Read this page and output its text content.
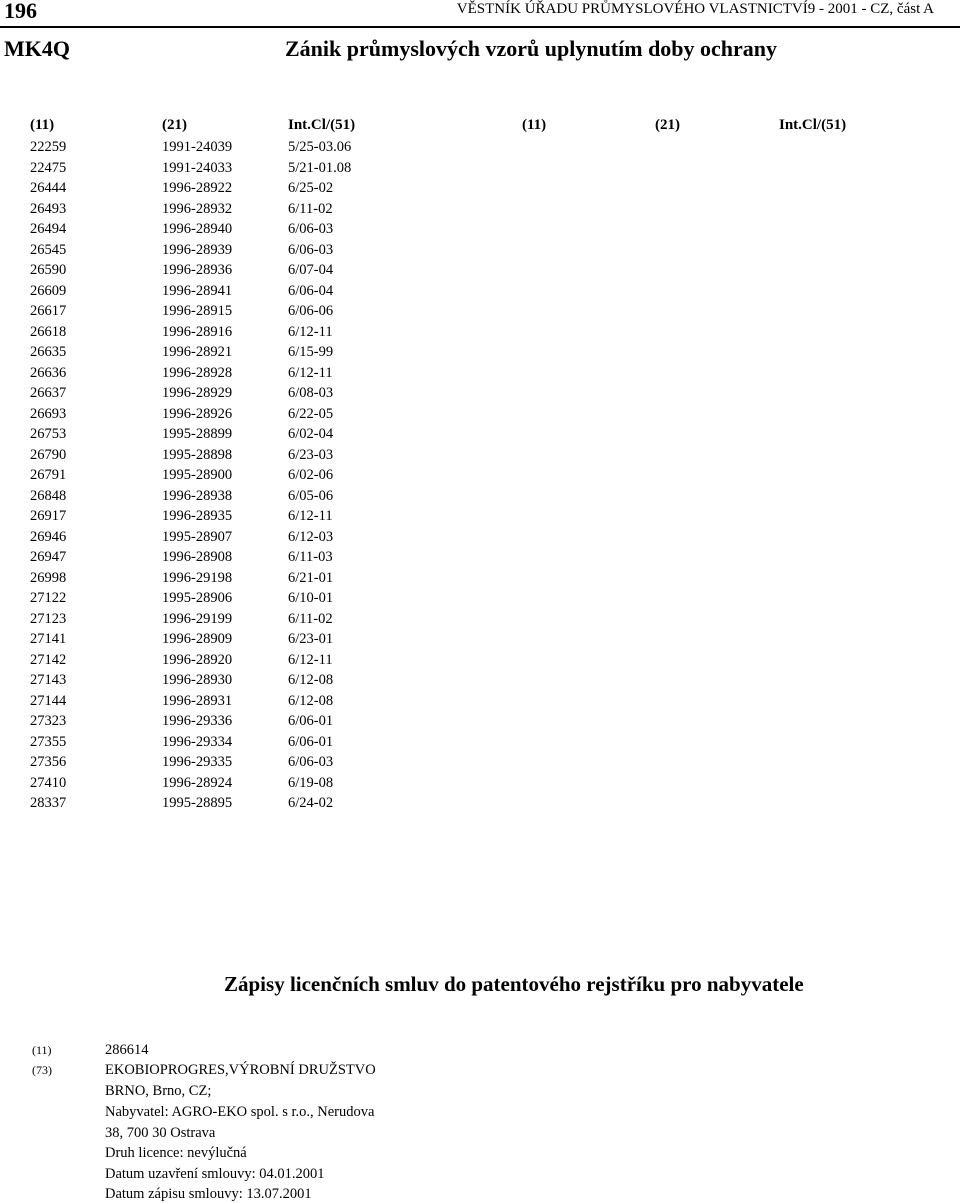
196	VĚSTNÍK ÚŘADU PRŮMYSLOVÉHO VLASTNICTVÍ9 - 2001 - CZ, část A
MK4Q	Zánik průmyslových vzorů uplynutím doby ochrany
(11)	(21)	Int.Cl/(51)	(11)	(21)	Int.Cl/(51)
22259	1991-24039	5/25-03.06
22475	1991-24033	5/21-01.08
26444	1996-28922	6/25-02
26493	1996-28932	6/11-02
26494	1996-28940	6/06-03
26545	1996-28939	6/06-03
26590	1996-28936	6/07-04
26609	1996-28941	6/06-04
26617	1996-28915	6/06-06
26618	1996-28916	6/12-11
26635	1996-28921	6/15-99
26636	1996-28928	6/12-11
26637	1996-28929	6/08-03
26693	1996-28926	6/22-05
26753	1995-28899	6/02-04
26790	1995-28898	6/23-03
26791	1995-28900	6/02-06
26848	1996-28938	6/05-06
26917	1996-28935	6/12-11
26946	1995-28907	6/12-03
26947	1996-28908	6/11-03
26998	1996-29198	6/21-01
27122	1995-28906	6/10-01
27123	1996-29199	6/11-02
27141	1996-28909	6/23-01
27142	1996-28920	6/12-11
27143	1996-28930	6/12-08
27144	1996-28931	6/12-08
27323	1996-29336	6/06-01
27355	1996-29334	6/06-01
27356	1996-29335	6/06-03
27410	1996-28924	6/19-08
28337	1995-28895	6/24-02
Zápisy licenčních smluv do patentového rejstříku pro nabyvatele
(11)	286614
(73)	EKOBIOPROGRES,VÝROBNÍ DRUŽSTVO
BRNO, Brno, CZ;
Nabyvatel: AGRO-EKO spol. s r.o., Nerudova
38, 700 30 Ostrava
Druh licence: nevýlučná
Datum uzavření smlouvy: 04.01.2001
Datum zápisu smlouvy: 13.07.2001
